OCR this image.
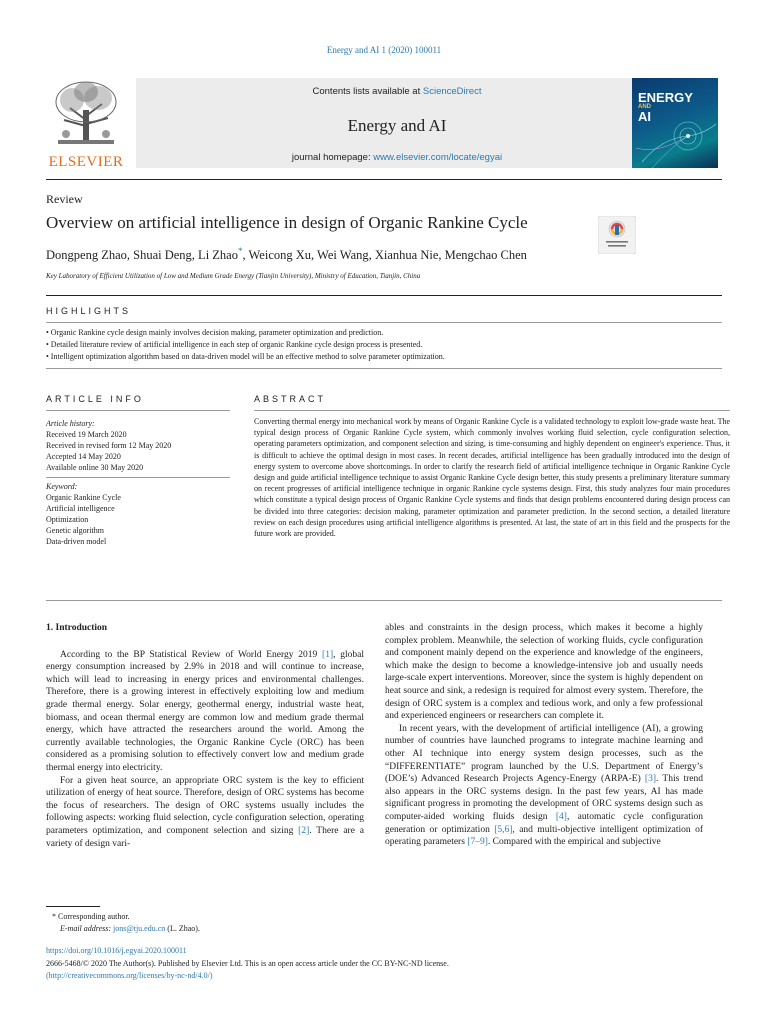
Energy and AI 1 (2020) 100011
ELSEVIER
Contents lists available at ScienceDirect
Energy and AI
journal homepage: www.elsevier.com/locate/egyai
ENERGY

AND
AI
Review
Overview on artificial intelligence in design of Organic Rankine Cycle
Dongpeng Zhao, Shuai Deng, Li Zhao*, Weicong Xu, Wei Wang, Xianhua Nie, Mengchao Chen
Key Laboratory of Efficient Utilization of Low and Medium Grade Energy (Tianjin University), Ministry of Education, Tianjin, China
HIGHLIGHTS
• Organic Rankine cycle design mainly involves decision making, parameter optimization and prediction.
• Detailed literature review of artificial intelligence in each step of organic Rankine cycle design process is presented.
• Intelligent optimization algorithm based on data-driven model will be an effective method to solve parameter optimization.
ARTICLE INFO	ABSTRACT
Article history:
Received 19 March 2020
Received in revised form 12 May 2020
Accepted 14 May 2020
Available online 30 May 2020
Keyword:
Organic Rankine Cycle
Artificial intelligence
Optimization
Genetic algorithm
Data-driven model
Converting thermal energy into mechanical work by means of Organic Rankine Cycle is a validated technology to exploit low-grade waste heat. The typical design process of Organic Rankine Cycle system, which commonly involves working fluid selection, cycle configuration selection, operating parameters optimization, and component selection and sizing, is time-consuming and highly dependent on engineer's experience. Thus, it is difficult to achieve the optimal design in most cases. In recent decades, artificial intelligence has been gradually introduced into the design of energy system to overcome above shortcomings. In order to clarify the research field of artificial intelligence technique in Organic Rankine Cycle design and guide artificial intelligence technique to assist Organic Rankine Cycle design better, this study presents a preliminary literature summary on recent progresses of artificial intelligence technique in organic Rankine cycle systems design. First, this study analyzes four main procedures which constitute a typical design process of Organic Rankine Cycle systems and finds that design problems encountered during design process can be divided into three categories: decision making, parameter optimization and parameter prediction. In the second section, a detailed literature review on each design procedures using artificial intelligence algorithms is presented. At last, the state of art in this field and the prospects for the future work are provided.
1. Introduction

According to the BP Statistical Review of World Energy 2019 [1], global energy consumption increased by 2.9% in 2018 and will continue to increase, which will lead to increasing in energy prices and environmental challenges. Therefore, there is a growing interest in effectively exploiting low and medium grade thermal energy. Solar energy, geothermal energy, industrial waste heat, biomass, and ocean thermal energy are common low and medium grade thermal energy, which have attracted the researchers around the world. Among the currently available technologies, the Organic Rankine Cycle (ORC) has been considered as a promising solution to effectively convert low and medium grade thermal energy into electricity.

For a given heat source, an appropriate ORC system is the key to efficient utilization of energy of heat source. Therefore, design of ORC systems has become the focus of researchers. The design of ORC systems usually includes the following aspects: working fluid selection, cycle configuration selection, operating parameters optimization, and component selection and sizing [2]. There are a variety of design vari-

ables and constraints in the design process, which makes it become a highly complex problem. Meanwhile, the selection of working fluids, cycle configuration and component mainly depend on the experience and knowledge of the engineers, which make the design to become a knowledge-intensive job and usually needs large-scale expert interventions. Moreover, since the system is highly dependent on heat source and sink, a redesign is required for almost every system. Therefore, the design of ORC system is a complex and tedious work, and only a few professional and experienced engineers or researchers can complete it.

In recent years, with the development of artificial intelligence (AI), a growing number of countries have launched programs to integrate machine learning and other AI technique into energy system design processes, such as the “DIFFERENTIATE” program launched by the U.S. Department of Energy’s (DOE’s) Advanced Research Projects Agency-Energy (ARPA-E) [3]. This trend also appears in the ORC systems design. In the past few years, AI has made significant progress in promoting the development of ORC systems design such as computer-aided working fluids design [4], automatic cycle configuration generation or optimization [5,6], and multi-objective intelligent optimization of operating parameters [7–9]. Compared with the empirical and subjective

* Corresponding author.
E-mail address: jons@tju.edu.cn (L. Zhao).
https://doi.org/10.1016/j.egyai.2020.100011
2666-5468/© 2020 The Author(s). Published by Elsevier Ltd. This is an open access article under the CC BY-NC-ND license.
(http://creativecommons.org/licenses/by-nc-nd/4.0/)
